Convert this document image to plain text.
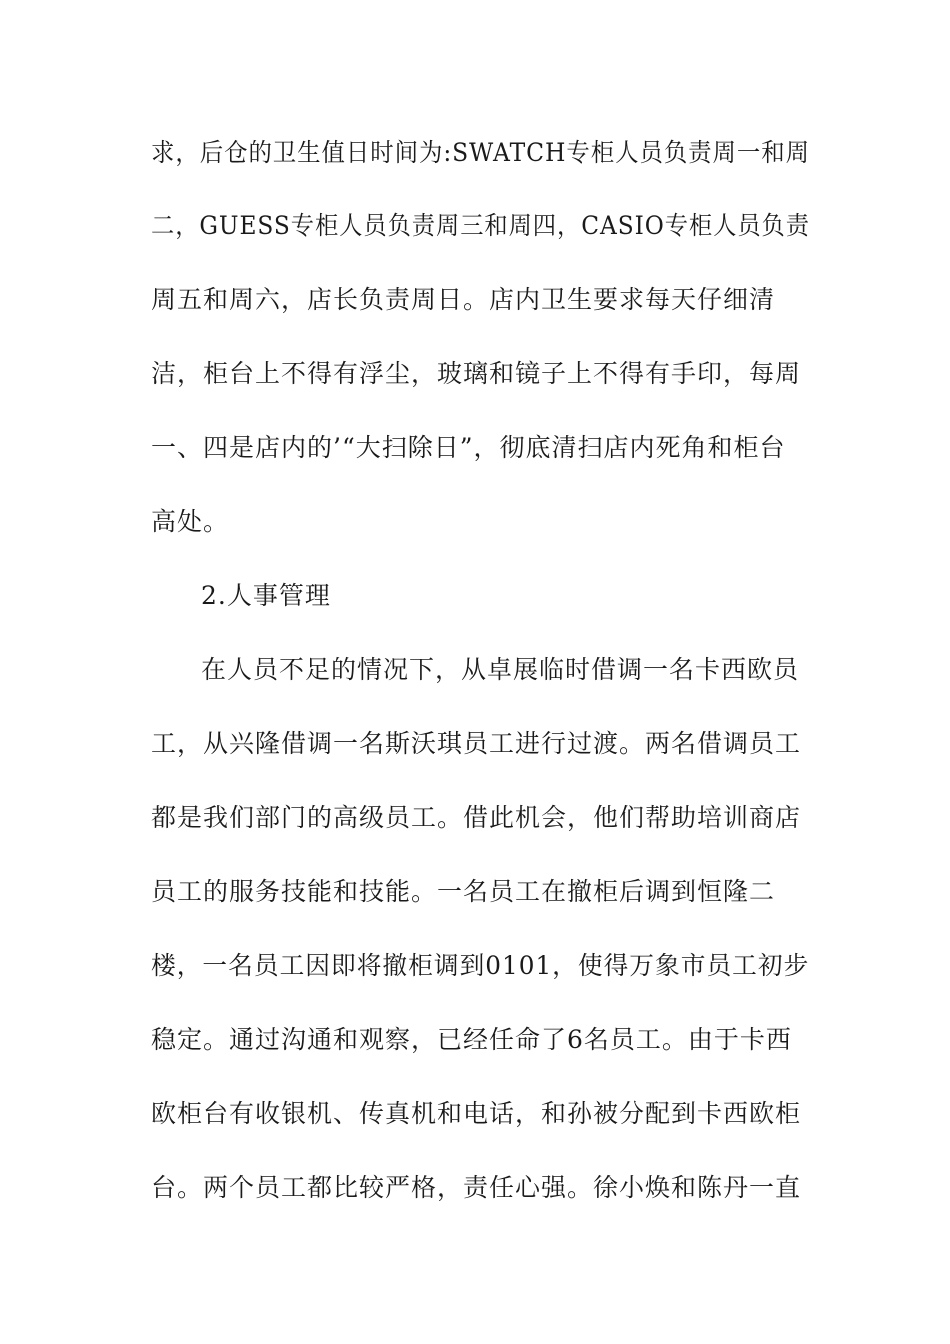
求，后仓的卫生值日时间为:SWATCH专柜人员负责周一和周
二，GUESS专柜人员负责周三和周四，CASIO专柜人员负责
周五和周六，店长负责周日。店内卫生要求每天仔细清
洁，柜台上不得有浮尘，玻璃和镜子上不得有手印，每周
一、四是店内的’“大扫除日”，彻底清扫店内死角和柜台
高处。
2.人事管理
在人员不足的情况下，从卓展临时借调一名卡西欧员
工，从兴隆借调一名斯沃琪员工进行过渡。两名借调员工
都是我们部门的高级员工。借此机会，他们帮助培训商店
员工的服务技能和技能。一名员工在撤柜后调到恒隆二
楼，一名员工因即将撤柜调到0101，使得万象市员工初步
稳定。通过沟通和观察，已经任命了6名员工。由于卡西
欧柜台有收银机、传真机和电话，和孙被分配到卡西欧柜
台。两个员工都比较严格，责任心强。徐小焕和陈丹一直
